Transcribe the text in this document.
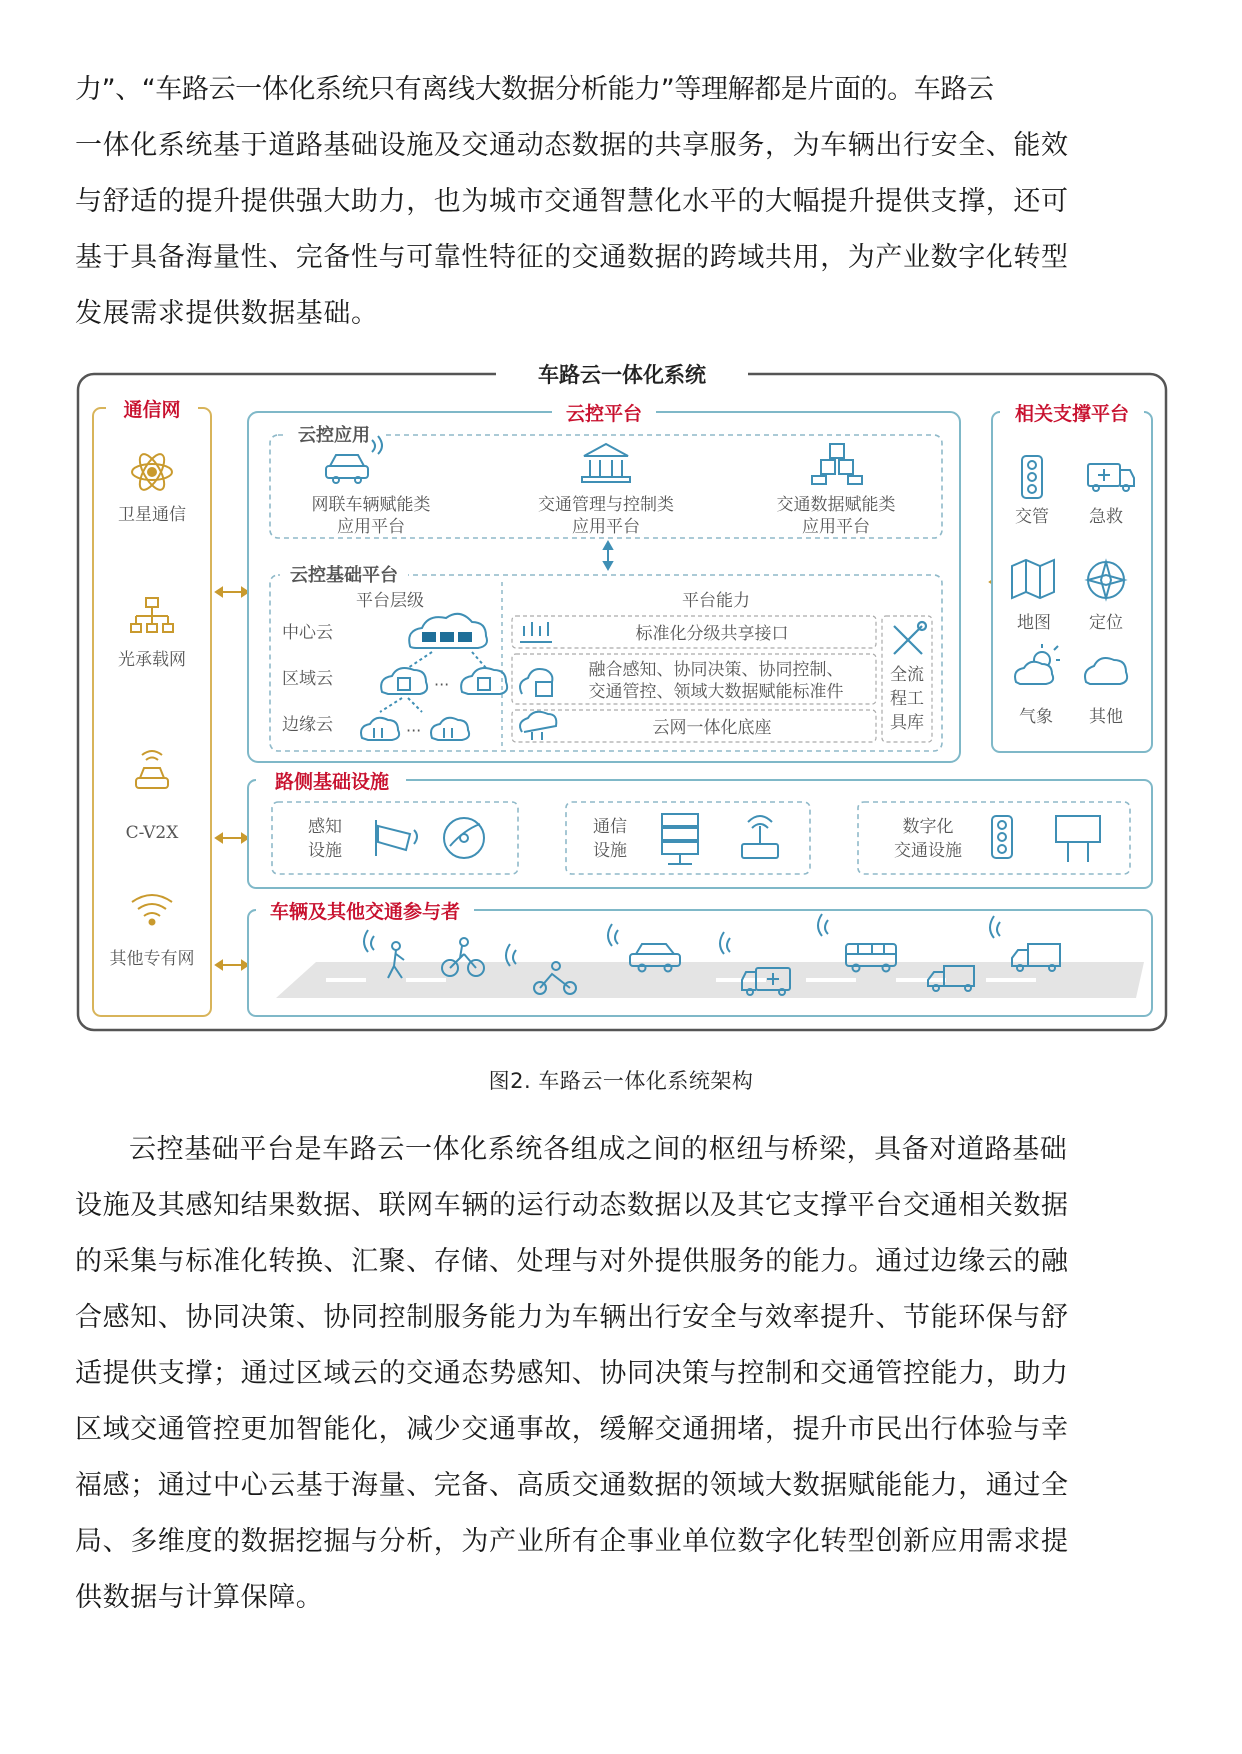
力”、“车路云一体化系统只有离线大数据分析能力”等理解都是片面的。车路云
一体化系统基于道路基础设施及交通动态数据的共享服务，为车辆出行安全、能效
与舒适的提升提供强大助力，也为城市交通智慧化水平的大幅提升提供支撑，还可
基于具备海量性、完备性与可靠性特征的交通数据的跨域共用，为产业数字化转型
发展需求提供数据基础。
车路云一体化系统
通信网
卫星通信
光承载网
C-V2X
其他专有网
云控平台
云控应用
网联车辆赋能类
应用平台
交通管理与控制类
应用平台
交通数据赋能类
应用平台
云控基础平台
平台层级
中心云
区域云
边缘云
···
···
平台能力
标准化分级共享接口
融合感知、协同决策、协同控制、
交通管控、领域大数据赋能标准件
云网一体化底座
全流
程工
具库
相关支撑平台
交管 急救
地图 定位
气象 其他
路侧基础设施
感知
设施
通信
设施
数字化
交通设施
车辆及其他交通参与者
图2. 车路云一体化系统架构
云控基础平台是车路云一体化系统各组成之间的枢纽与桥梁，具备对道路基础
设施及其感知结果数据、联网车辆的运行动态数据以及其它支撑平台交通相关数据
的采集与标准化转换、汇聚、存储、处理与对外提供服务的能力。通过边缘云的融
合感知、协同决策、协同控制服务能力为车辆出行安全与效率提升、节能环保与舒
适提供支撑；通过区域云的交通态势感知、协同决策与控制和交通管控能力，助力
区域交通管控更加智能化，减少交通事故，缓解交通拥堵，提升市民出行体验与幸
福感；通过中心云基于海量、完备、高质交通数据的领域大数据赋能能力，通过全
局、多维度的数据挖掘与分析，为产业所有企事业单位数字化转型创新应用需求提
供数据与计算保障。
